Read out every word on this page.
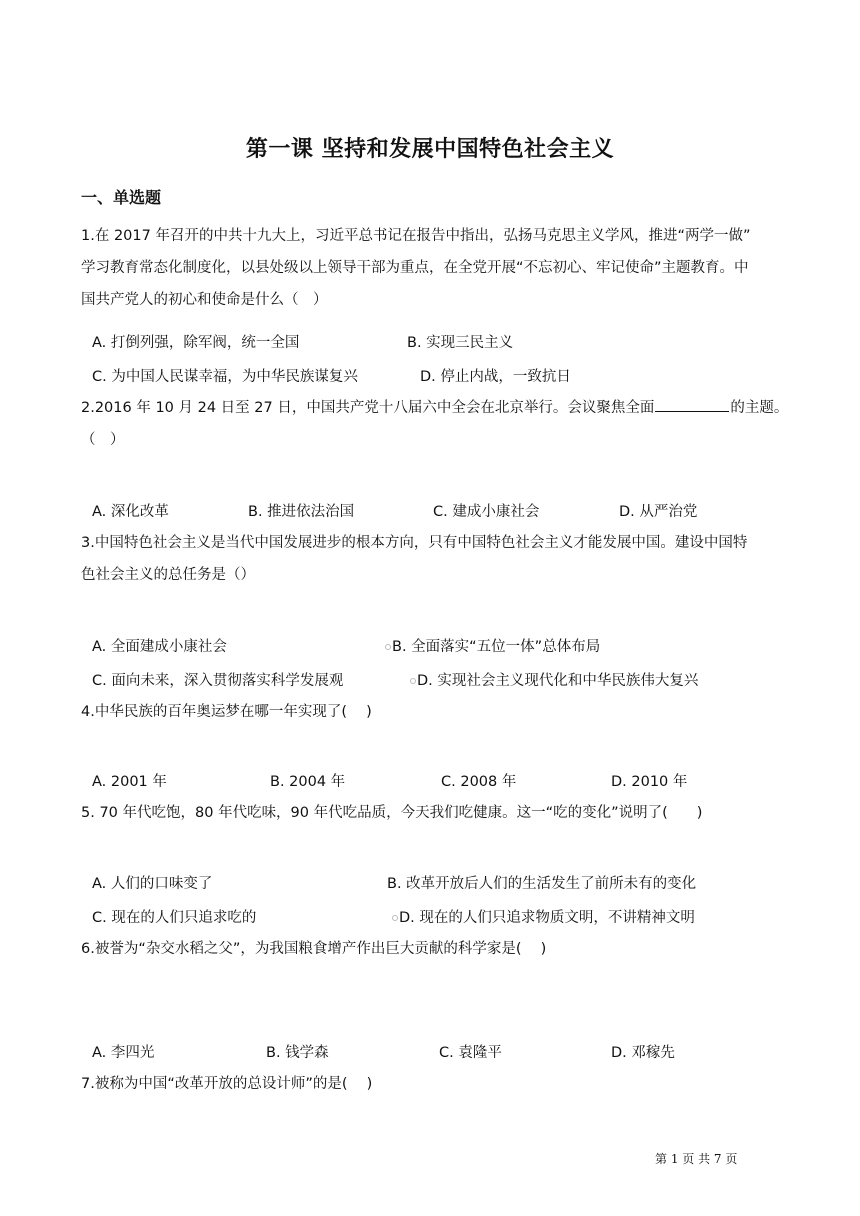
第一课 坚持和发展中国特色社会主义
一、单选题
1.在 2017 年召开的中共十九大上，习近平总书记在报告中指出，弘扬马克思主义学风，推进“两学一做”
学习教育常态化制度化，以县处级以上领导干部为重点，在全党开展“不忘初心、牢记使命”主题教育。中
国共产党人的初心和使命是什么（　）
A. 打倒列强，除军阀，统一全国	B. 实现三民主义
C. 为中国人民谋幸福，为中华民族谋复兴	D. 停止内战，一致抗日
2.2016 年 10 月 24 日至 27 日，中国共产党十八届六中全会在北京举行。会议聚焦全面	的主题。
（　）
A. 深化改革	B. 推进依法治国	C. 建成小康社会	D. 从严治党
3.中国特色社会主义是当代中国发展进步的根本方向，只有中国特色社会主义才能发展中国。建设中国特
色社会主义的总任务是（）
A. 全面建成小康社会	B. 全面落实“五位一体”总体布局
C. 面向未来，深入贯彻落实科学发展观	D. 实现社会主义现代化和中华民族伟大复兴
4.中华民族的百年奥运梦在哪一年实现了(　 )
A. 2001 年	B. 2004 年	C. 2008 年	D. 2010 年
5. 70 年代吃饱，80 年代吃味，90 年代吃品质，今天我们吃健康。这一“吃的变化”说明了(　　)
A. 人们的口味变了	B. 改革开放后人们的生活发生了前所未有的变化
C. 现在的人们只追求吃的	D. 现在的人们只追求物质文明，不讲精神文明
6.被誉为“杂交水稻之父”，为我国粮食增产作出巨大贡献的科学家是(　 )
A. 李四光	B. 钱学森	C. 袁隆平	D. 邓稼先
7.被称为中国“改革开放的总设计师”的是(　 )
第 1 页 共 7 页
